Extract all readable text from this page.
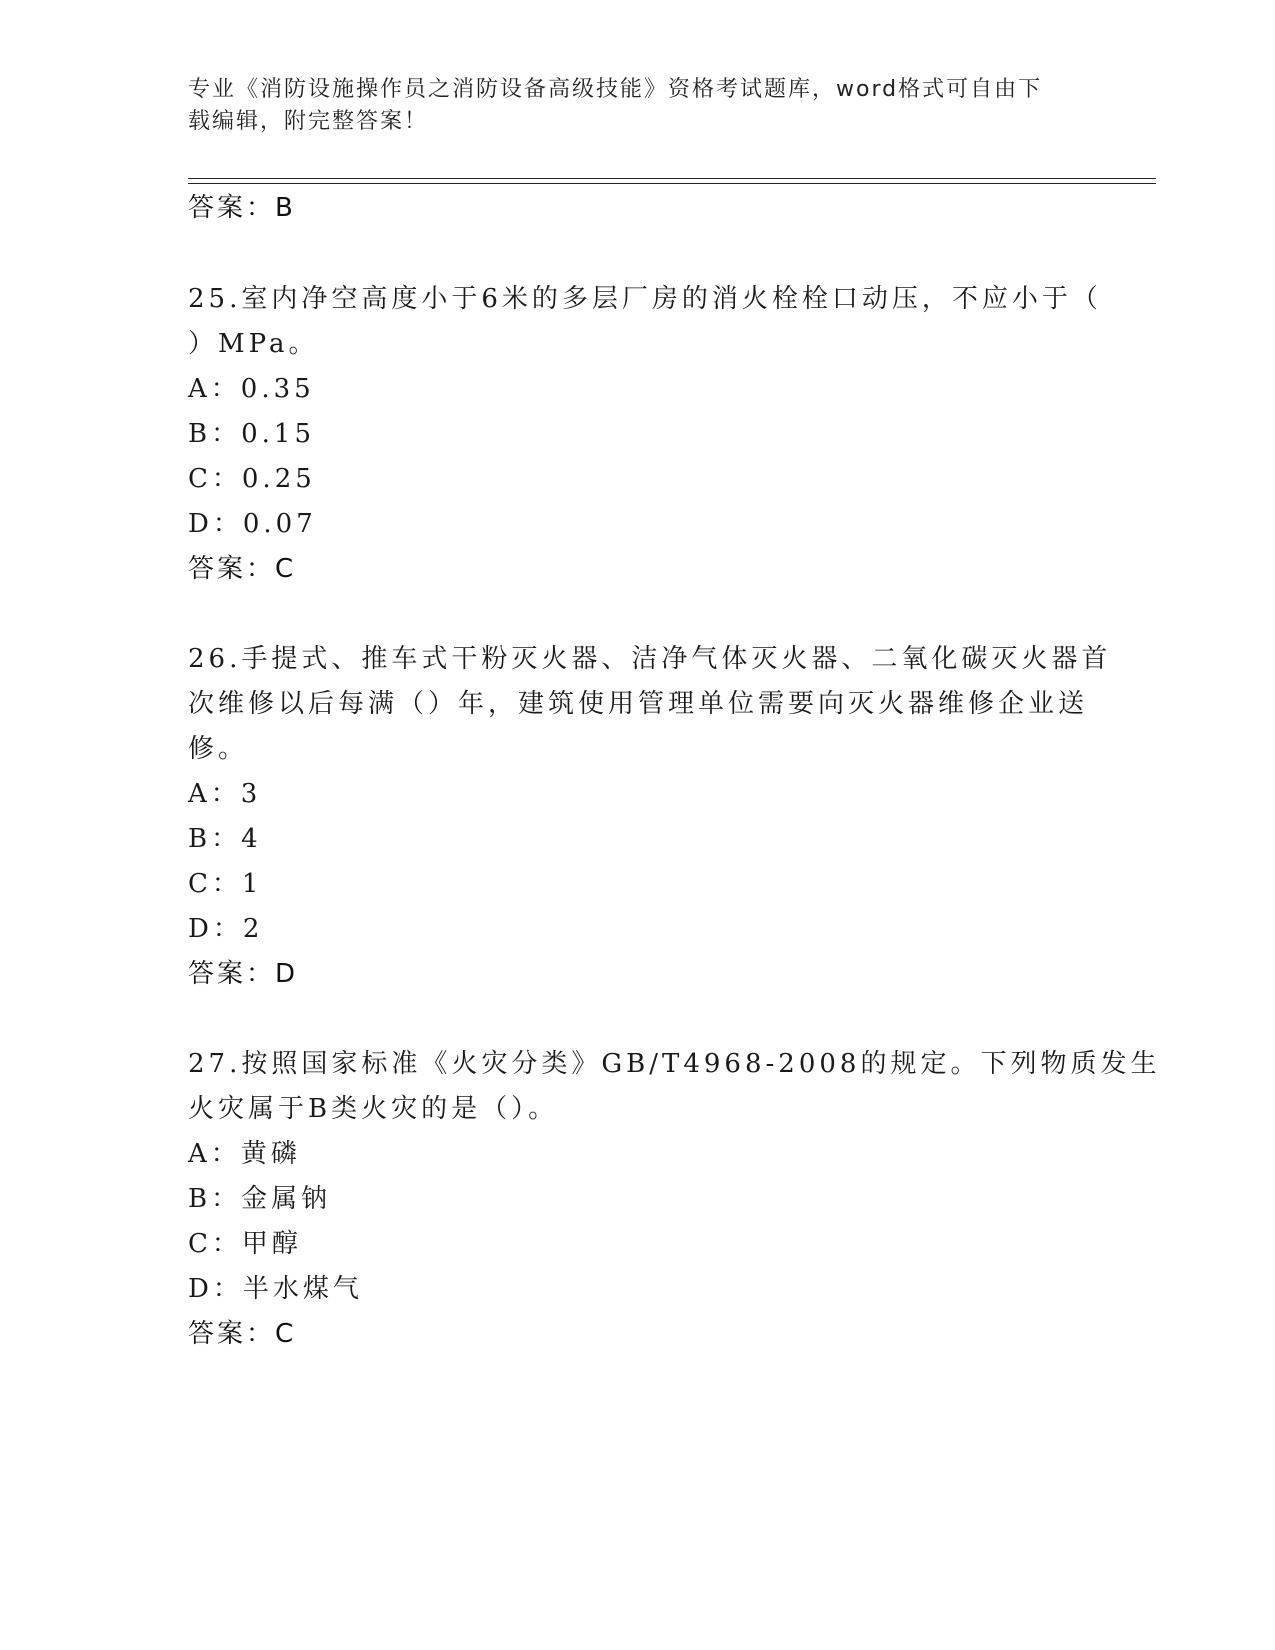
专业《消防设施操作员之消防设备高级技能》资格考试题库，word格式可自由下
载编辑，附完整答案！
答案：B
25.室内净空高度小于6米的多层厂房的消火栓栓口动压，不应小于（
）MPa。
A：0.35
B：0.15
C：0.25
D：0.07
答案：C
26.手提式、推车式干粉灭火器、洁净气体灭火器、二氧化碳灭火器首
次维修以后每满（）年，建筑使用管理单位需要向灭火器维修企业送
修。
A：3
B：4
C：1
D：2
答案：D
27.按照国家标准《火灾分类》GB/T4968-2008的规定。下列物质发生
火灾属于B类火灾的是（）。
A：黄磷
B：金属钠
C：甲醇
D：半水煤气
答案：C
